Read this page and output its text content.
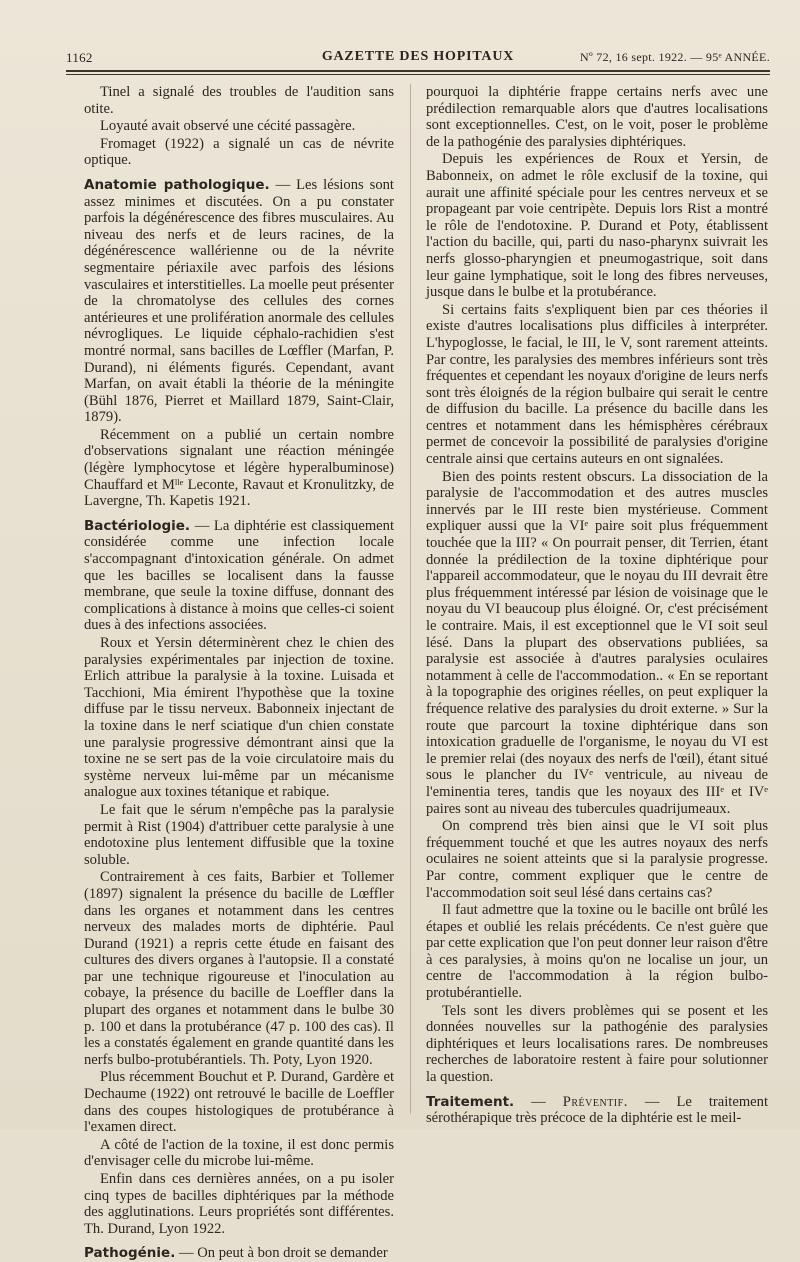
1162	GAZETTE DES HOPITAUX	Nº 72, 16 sept. 1922. — 95ᵉ ANNÉE.

Tinel a signalé des troubles de l'audition sans otite.

Loyauté avait observé une cécité passagère.

Fromaget (1922) a signalé un cas de névrite optique.

Anatomie pathologique. — Les lésions sont assez minimes et discutées. On a pu constater parfois la dégénérescence des fibres musculaires. Au niveau des nerfs et de leurs racines, de la dégénérescence wallérienne ou de la névrite segmentaire périaxile avec parfois des lésions vasculaires et interstitielles. La moelle peut présenter de la chromatolyse des cellules des cornes antérieures et une prolifération anormale des cellules névrogliques. Le liquide céphalo-rachidien s'est montré normal, sans bacilles de Lœffler (Marfan, P. Durand), ni éléments figurés. Cependant, avant Marfan, on avait établi la théorie de la méningite (Bühl 1876, Pierret et Maillard 1879, Saint-Clair, 1879).

Récemment on a publié un certain nombre d'observations signalant une réaction méningée (légère lymphocytose et légère hyperalbuminose) Chauffard et Mˡˡᵉ Leconte, Ravaut et Kronulitzky, de Lavergne, Th. Kapetis 1921.

Bactériologie. — La diphtérie est classiquement considérée comme une infection locale s'accompagnant d'intoxication générale. On admet que les bacilles se localisent dans la fausse membrane, que seule la toxine diffuse, donnant des complications à distance à moins que celles-ci soient dues à des infections associées.

Roux et Yersin déterminèrent chez le chien des paralysies expérimentales par injection de toxine. Erlich attribue la paralysie à la toxine. Luisada et Tacchioni, Mia émirent l'hypothèse que la toxine diffuse par le tissu nerveux. Babonneix injectant de la toxine dans le nerf sciatique d'un chien constate une paralysie progressive démontrant ainsi que la toxine ne se sert pas de la voie circulatoire mais du système nerveux lui-même par un mécanisme analogue aux toxines tétanique et rabique.

Le fait que le sérum n'empêche pas la paralysie permit à Rist (1904) d'attribuer cette paralysie à une endotoxine plus lentement diffusible que la toxine soluble.

Contrairement à ces faits, Barbier et Tollemer (1897) signalent la présence du bacille de Lœffler dans les organes et notamment dans les centres nerveux des malades morts de diphtérie. Paul Durand (1921) a repris cette étude en faisant des cultures des divers organes à l'autopsie. Il a constaté par une technique rigoureuse et l'inoculation au cobaye, la présence du bacille de Loeffler dans la plupart des organes et notamment dans le bulbe 30 p. 100 et dans la protubérance (47 p. 100 des cas). Il les a constatés également en grande quantité dans les nerfs bulbo-protubérantiels. Th. Poty, Lyon 1920.

Plus récemment Bouchut et P. Durand, Gardère et Dechaume (1922) ont retrouvé le bacille de Loeffler dans des coupes histologiques de protubérance à l'examen direct.

A côté de l'action de la toxine, il est donc permis d'envisager celle du microbe lui-même.

Enfin dans ces dernières années, on a pu isoler cinq types de bacilles diphtériques par la méthode des agglutinations. Leurs propriétés sont différentes. Th. Durand, Lyon 1922.

Pathogénie. — On peut à bon droit se demander

pourquoi la diphtérie frappe certains nerfs avec une prédilection remarquable alors que d'autres localisations sont exceptionnelles. C'est, on le voit, poser le problème de la pathogénie des paralysies diphtériques.

Depuis les expériences de Roux et Yersin, de Babonneix, on admet le rôle exclusif de la toxine, qui aurait une affinité spéciale pour les centres nerveux et se propageant par voie centripète. Depuis lors Rist a montré le rôle de l'endotoxine. P. Durand et Poty, établissent l'action du bacille, qui, parti du naso-pharynx suivrait les nerfs glosso-pharyngien et pneumogastrique, soit dans leur gaine lymphatique, soit le long des fibres nerveuses, jusque dans le bulbe et la protubérance.

Si certains faits s'expliquent bien par ces théories il existe d'autres localisations plus difficiles à interpréter. L'hypoglosse, le facial, le III, le V, sont rarement atteints. Par contre, les paralysies des membres inférieurs sont très fréquentes et cependant les noyaux d'origine de leurs nerfs sont très éloignés de la région bulbaire qui serait le centre de diffusion du bacille. La présence du bacille dans les centres et notamment dans les hémisphères cérébraux permet de concevoir la possibilité de paralysies d'origine centrale ainsi que certains auteurs en ont signalées.

Bien des points restent obscurs. La dissociation de la paralysie de l'accommodation et des autres muscles innervés par le III reste bien mystérieuse. Comment expliquer aussi que la VIᵉ paire soit plus fréquemment touchée que la III? « On pourrait penser, dit Terrien, étant donnée la prédilection de la toxine diphtérique pour l'appareil accommodateur, que le noyau du III devrait être plus fréquemment intéressé par lésion de voisinage que le noyau du VI beaucoup plus éloigné. Or, c'est précisément le contraire. Mais, il est exceptionnel que le VI soit seul lésé. Dans la plupart des observations publiées, sa paralysie est associée à d'autres paralysies oculaires notamment à celle de l'accommodation.. « En se reportant à la topographie des origines réelles, on peut expliquer la fréquence relative des paralysies du droit externe. » Sur la route que parcourt la toxine diphtérique dans son intoxication graduelle de l'organisme, le noyau du VI est le premier relai (des noyaux des nerfs de l'œil), étant situé sous le plancher du IVᵉ ventricule, au niveau de l'eminentia teres, tandis que les noyaux des IIIᵉ et IVᵉ paires sont au niveau des tubercules quadrijumeaux.

On comprend très bien ainsi que le VI soit plus fréquemment touché et que les autres noyaux des nerfs oculaires ne soient atteints que si la paralysie progresse. Par contre, comment expliquer que le centre de l'accommodation soit seul lésé dans certains cas?

Il faut admettre que la toxine ou le bacille ont brûlé les étapes et oublié les relais précédents. Ce n'est guère que par cette explication que l'on peut donner leur raison d'être à ces paralysies, à moins qu'on ne localise un jour, un centre de l'accommodation à la région bulbo-protubérantielle.

Tels sont les divers problèmes qui se posent et les données nouvelles sur la pathogénie des paralysies diphtériques et leurs localisations rares. De nombreuses recherches de laboratoire restent à faire pour solutionner la question.

Traitement. — Préventif. — Le traitement sérothérapique très précoce de la diphtérie est le meil-
